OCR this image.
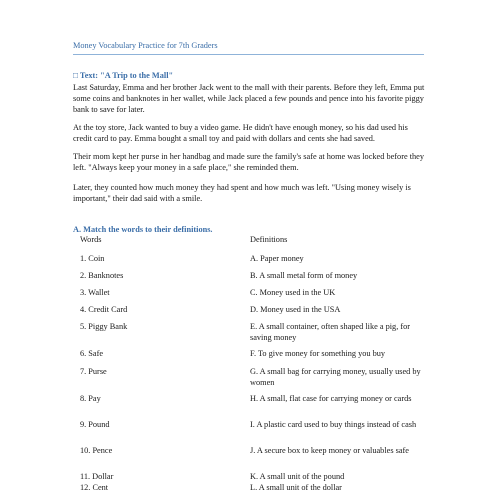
Money Vocabulary Practice for 7th Graders
□ Text: "A Trip to the Mall"

Last Saturday, Emma and her brother Jack went to the mall with their parents. Before they left, Emma put some coins and banknotes in her wallet, while Jack placed a few pounds and pence into his favorite piggy bank to save for later.

At the toy store, Jack wanted to buy a video game. He didn't have enough money, so his dad used his credit card to pay. Emma bought a small toy and paid with dollars and cents she had saved.

Their mom kept her purse in her handbag and made sure the family's safe at home was locked before they left. "Always keep your money in a safe place," she reminded them.

Later, they counted how much money they had spent and how much was left. "Using money wisely is important," their dad said with a smile.

A. Match the words to their definitions.
Words	Definitions
1. Coin	A. Paper money
2. Banknotes	B. A small metal form of money
3. Wallet	C. Money used in the UK
4. Credit Card	D. Money used in the USA
5. Piggy Bank	E. A small container, often shaped like a pig, for saving money
6. Safe	F. To give money for something you buy
7. Purse	G. A small bag for carrying money, usually used by women
8. Pay	H. A small, flat case for carrying money or cards
9. Pound	I. A plastic card used to buy things instead of cash
10. Pence	J. A secure box to keep money or valuables safe
11. Dollar	K. A small unit of the pound
12. Cent	L. A small unit of the dollar
